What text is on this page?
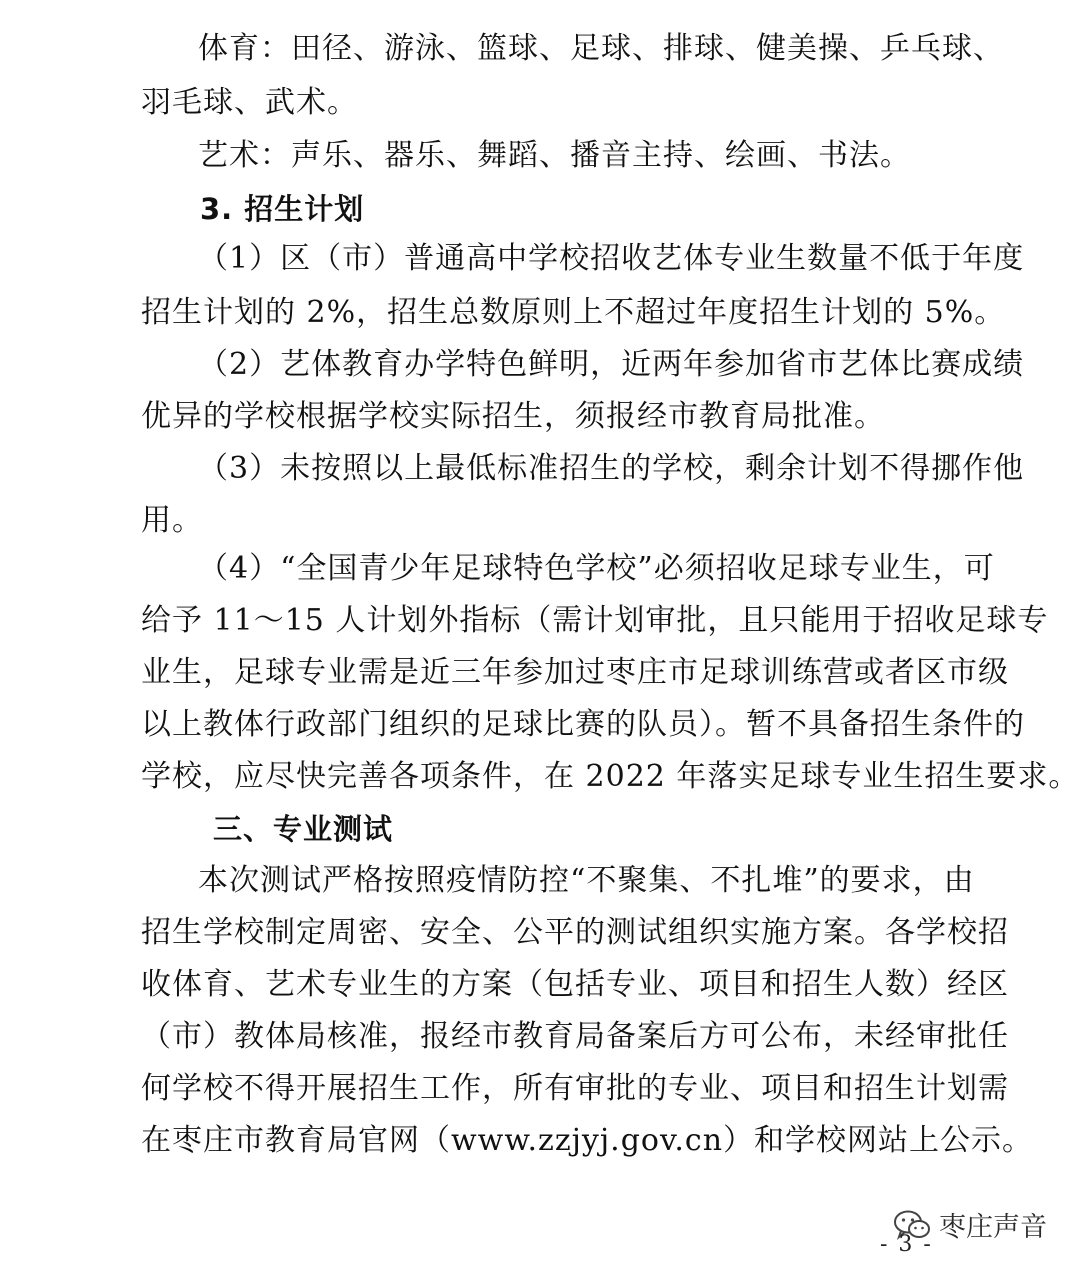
体育：田径、游泳、篮球、足球、排球、健美操、乒乓球、
羽毛球、武术。
艺术：声乐、器乐、舞蹈、播音主持、绘画、书法。
3. 招生计划
（1）区（市）普通高中学校招收艺体专业生数量不低于年度
招生计划的 2%，招生总数原则上不超过年度招生计划的 5%。
（2）艺体教育办学特色鲜明，近两年参加省市艺体比赛成绩
优异的学校根据学校实际招生，须报经市教育局批准。
（3）未按照以上最低标准招生的学校，剩余计划不得挪作他
用。
（4）“全国青少年足球特色学校”必须招收足球专业生，可
给予 11～15 人计划外指标（需计划审批，且只能用于招收足球专
业生，足球专业需是近三年参加过枣庄市足球训练营或者区市级
以上教体行政部门组织的足球比赛的队员）。暂不具备招生条件的
学校，应尽快完善各项条件，在 2022 年落实足球专业生招生要求。
三、专业测试
本次测试严格按照疫情防控“不聚集、不扎堆”的要求，由
招生学校制定周密、安全、公平的测试组织实施方案。各学校招
收体育、艺术专业生的方案（包括专业、项目和招生人数）经区
（市）教体局核准，报经市教育局备案后方可公布，未经审批任
何学校不得开展招生工作，所有审批的专业、项目和招生计划需
在枣庄市教育局官网（www.zzjyj.gov.cn）和学校网站上公示。
枣庄声音
- 3 -
